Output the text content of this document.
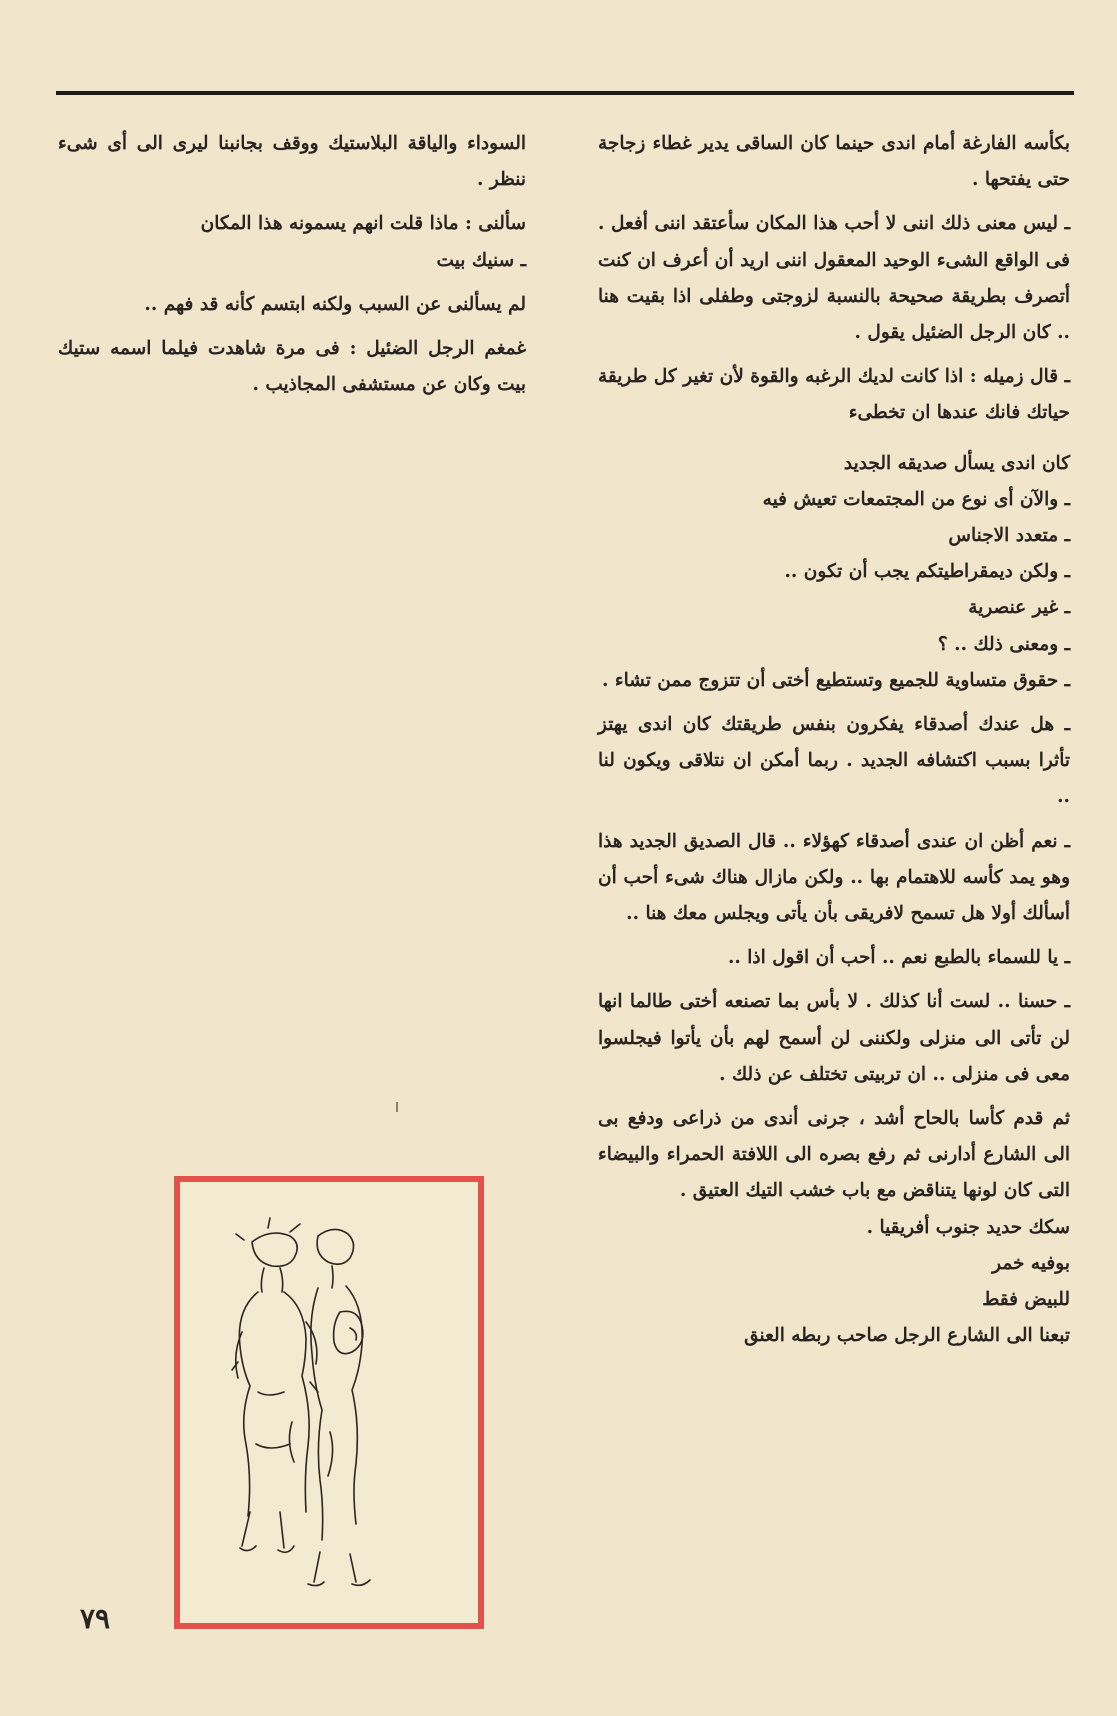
بكأسه الفارغة أمام اندى حينما كان الساقى يدير غطاء زجاجة حتى يفتحها .

ـ ليس معنى ذلك اننى لا أحب هذا المكان سأعتقد اننى أفعل . فى الواقع الشىء الوحيد المعقول اننى اريد أن أعرف ان كنت أتصرف بطريقة صحيحة بالنسبة لزوجتى وطفلى اذا بقيت هنا .. كان الرجل الضئيل يقول .

ـ قال زميله : اذا كانت لديك الرغبه والقوة لأن تغير كل طريقة حياتك فانك عندها ان تخطىء

كان اندى يسأل صديقه الجديد

ـ والآن أى نوع من المجتمعات تعيش فيه

ـ متعدد الاجناس

ـ ولكن ديمقراطيتكم يجب أن تكون ..

ـ غير عنصرية

ـ ومعنى ذلك .. ؟

ـ حقوق متساوية للجميع وتستطيع أختى أن تتزوج ممن تشاء .

ـ هل عندك أصدقاء يفكرون بنفس طريقتك كان اندى يهتز تأثرا بسبب اكتشافه الجديد . ربما أمكن ان نتلاقى ويكون لنا ..

ـ نعم أظن ان عندى أصدقاء كهؤلاء .. قال الصديق الجديد هذا وهو يمد كأسه للاهتمام بها .. ولكن مازال هناك شىء أحب أن أسألك أولا هل تسمح لافريقى بأن يأتى ويجلس معك هنا ..

ـ يا للسماء بالطبع نعم .. أحب أن اقول اذا ..

ـ حسنا .. لست أنا كذلك . لا بأس بما تصنعه أختى طالما انها لن تأتى الى منزلى ولكننى لن أسمح لهم بأن يأتوا فيجلسوا معى فى منزلى .. ان تربيتى تختلف عن ذلك .

ثم قدم كأسا بالحاح أشد ، جرنى أندى من ذراعى ودفع بى الى الشارع أدارنى ثم رفع بصره الى اللافتة الحمراء والبيضاء التى كان لونها يتناقض مع باب خشب التيك العتيق .

سكك حديد جنوب أفريقيا .

بوفيه خمر

للبيض فقط

تبعنا الى الشارع الرجل صاحب ربطه العنق

السوداء والياقة البلاستيك ووقف بجانبنا ليرى الى أى شىء ننظر .

سألنى : ماذا قلت انهم يسمونه هذا المكان

ـ سنيك بيت

لم يسألنى عن السبب ولكنه ابتسم كأنه قد فهم ..

غمغم الرجل الضئيل : فى مرة شاهدت فيلما اسمه ستيك بيت وكان عن مستشفى المجاذيب .

٧٩
